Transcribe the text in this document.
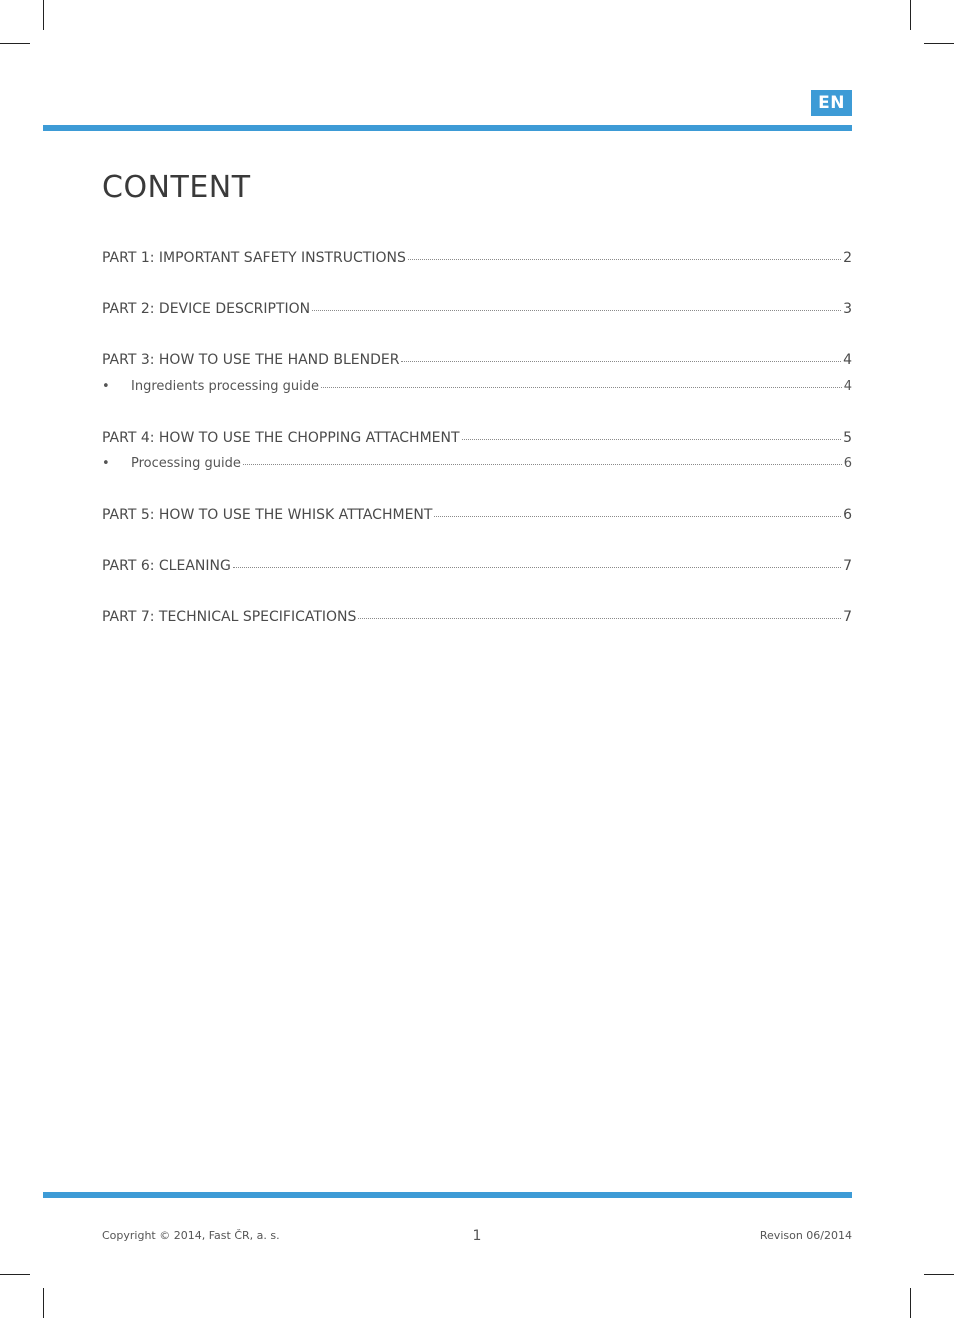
EN
CONTENT
PART 1: IMPORTANT SAFETY INSTRUCTIONS	2
PART 2: DEVICE DESCRIPTION	3
PART 3: HOW TO USE THE HAND BLENDER	4
•	Ingredients processing guide	4
PART 4: HOW TO USE THE CHOPPING ATTACHMENT	5
•	Processing guide	6
PART 5: HOW TO USE THE WHISK ATTACHMENT	6
PART 6: CLEANING	7
PART 7: TECHNICAL SPECIFICATIONS	7
Copyright © 2014, Fast ČR, a. s.	1	Revison 06/2014
